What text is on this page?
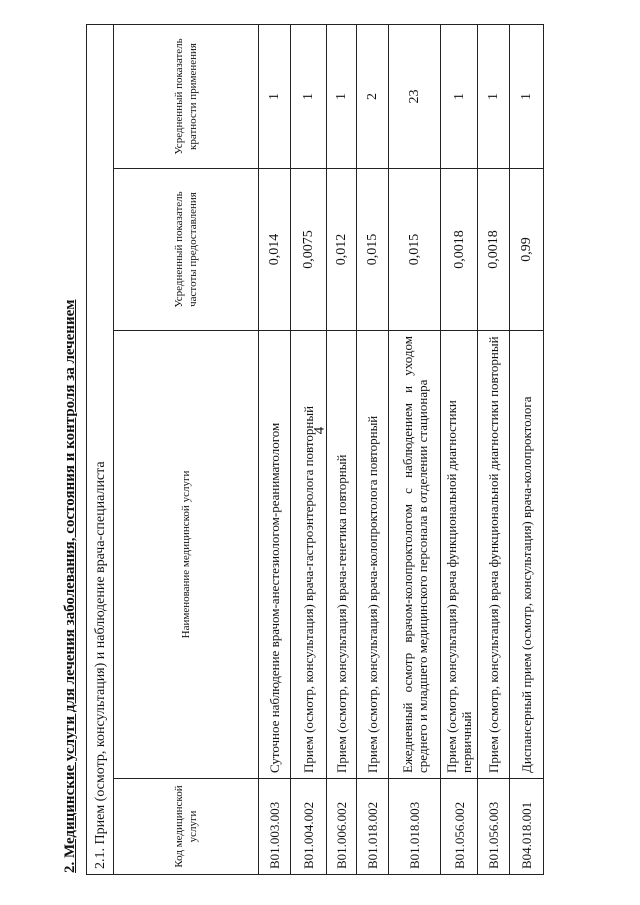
4
2. Медицинские услуги для лечения заболевания, состояния и контроля за лечением	2.1. Прием (осмотр, консультация) и наблюдение врача-специалиста			
Код медицинской услуги	Наименование медицинской услуги	Усредненный показатель частоты предоставления	Усредненный показатель кратности применения
B01.003.003	Суточное наблюдение врачом-анестезиологом-реаниматологом	0,014	1
B01.004.002	Прием (осмотр, консультация) врача-гастроэнтеролога повторный	0,0075	1
B01.006.002	Прием (осмотр, консультация) врача-генетика повторный	0,012	1
B01.018.002	Прием (осмотр, консультация) врача-колопроктолога повторный	0,015	2
B01.018.003	Ежедневный осмотр врачом-колопроктологом с наблюдением и уходом среднего и младшего медицинского персонала в отделении стационара	0,015	23
B01.056.002	Прием (осмотр, консультация) врача функциональной диагностики первичный	0,0018	1
B01.056.003	Прием (осмотр, консультация) врача функциональной диагностики повторный	0,0018	1
B04.018.001	Диспансерный прием (осмотр, консультация) врача-колопроктолога	0,99	1
